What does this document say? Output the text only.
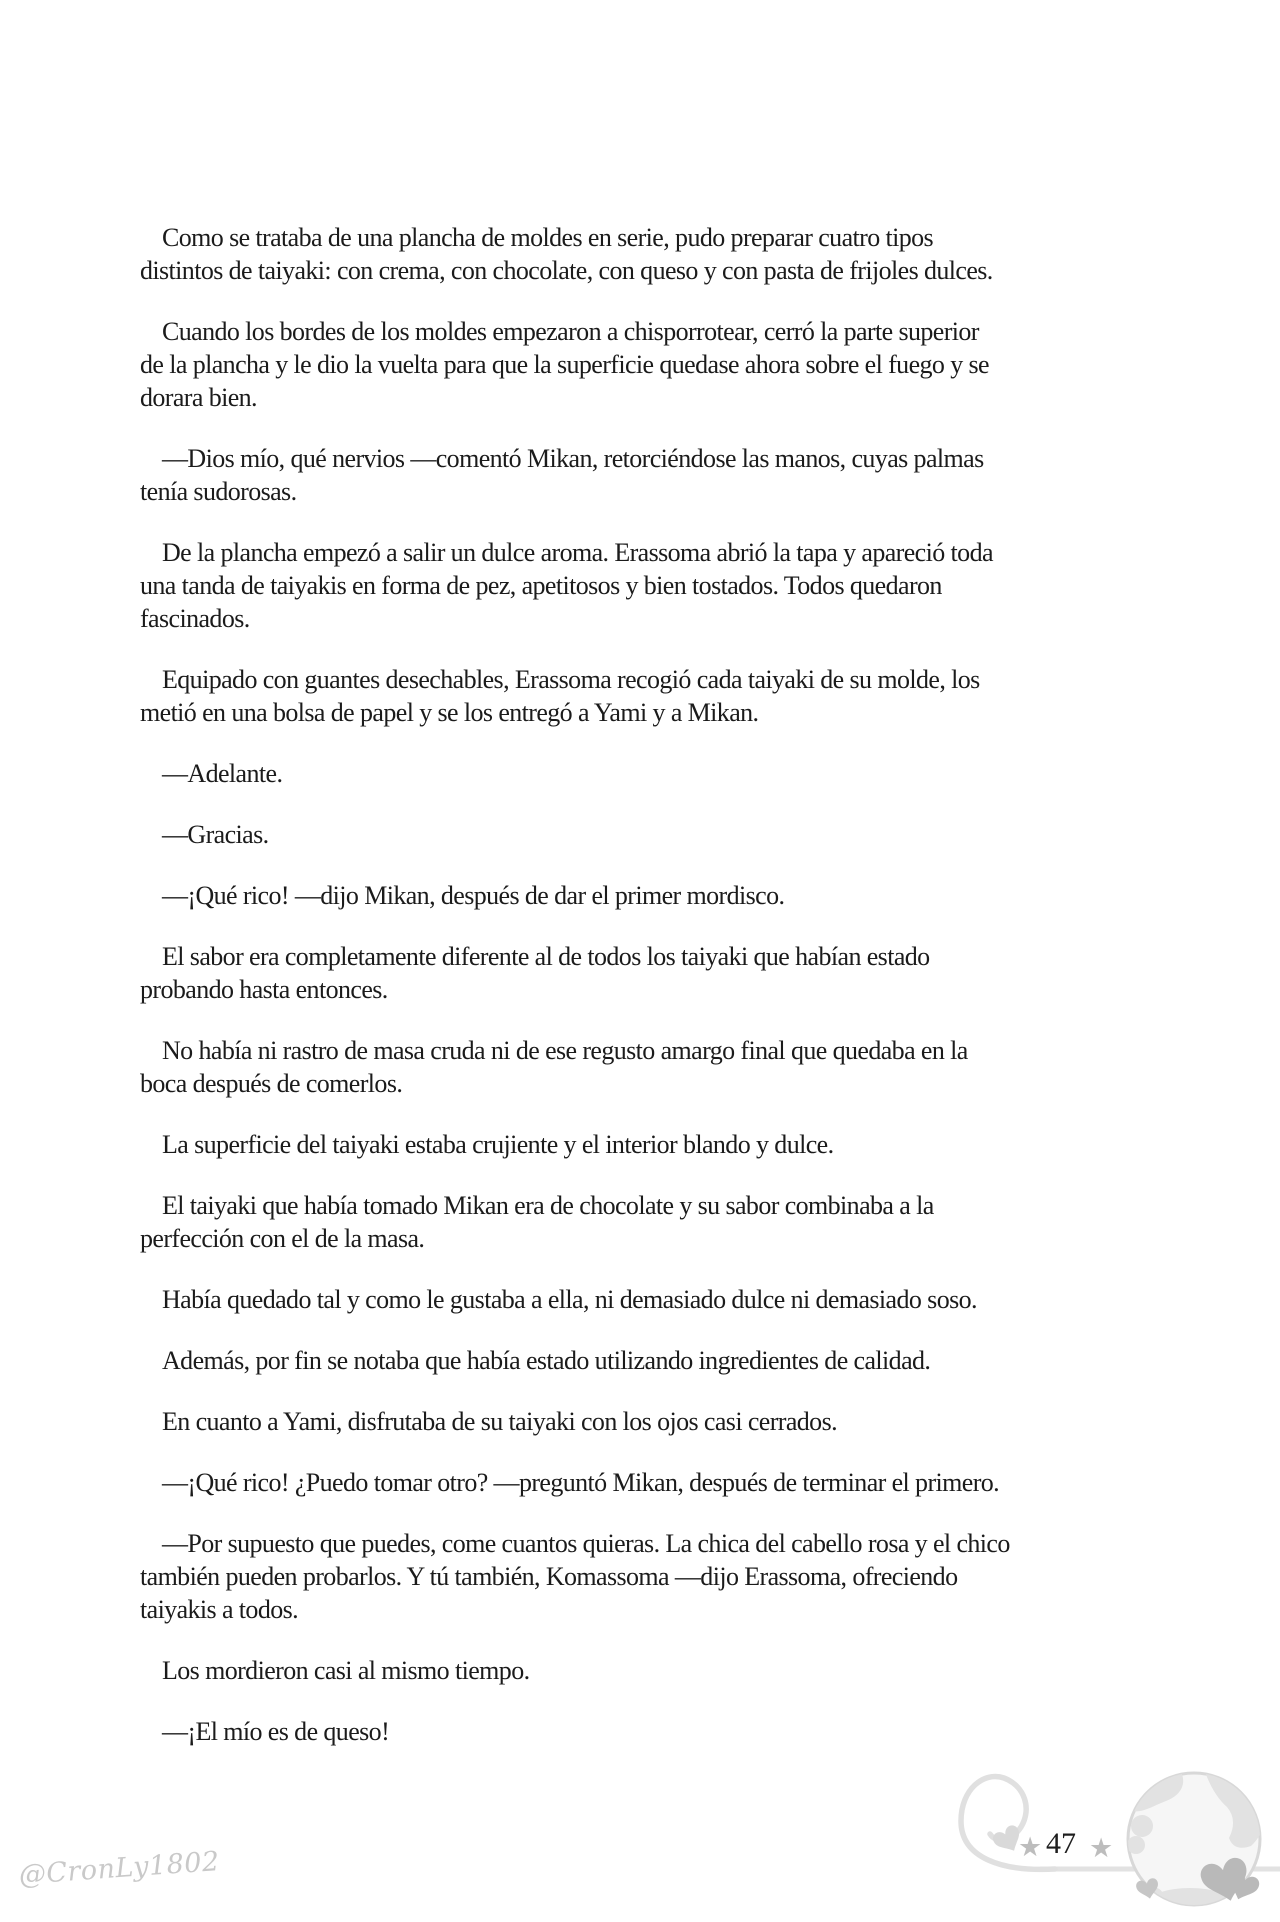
Como se trataba de una plancha de moldes en serie, pudo preparar cuatro tipos
distintos de taiyaki: con crema, con chocolate, con queso y con pasta de frijoles dulces.

Cuando los bordes de los moldes empezaron a chisporrotear, cerró la parte superior
de la plancha y le dio la vuelta para que la superficie quedase ahora sobre el fuego y se
dorara bien.

—Dios mío, qué nervios —comentó Mikan, retorciéndose las manos, cuyas palmas
tenía sudorosas.

De la plancha empezó a salir un dulce aroma. Erassoma abrió la tapa y apareció toda
una tanda de taiyakis en forma de pez, apetitosos y bien tostados. Todos quedaron
fascinados.

Equipado con guantes desechables, Erassoma recogió cada taiyaki de su molde, los
metió en una bolsa de papel y se los entregó a Yami y a Mikan.

—Adelante.

—Gracias.

—¡Qué rico! —dijo Mikan, después de dar el primer mordisco.

El sabor era completamente diferente al de todos los taiyaki que habían estado
probando hasta entonces.

No había ni rastro de masa cruda ni de ese regusto amargo final que quedaba en la
boca después de comerlos.

La superficie del taiyaki estaba crujiente y el interior blando y dulce.

El taiyaki que había tomado Mikan era de chocolate y su sabor combinaba a la
perfección con el de la masa.

Había quedado tal y como le gustaba a ella, ni demasiado dulce ni demasiado soso.

Además, por fin se notaba que había estado utilizando ingredientes de calidad.

En cuanto a Yami, disfrutaba de su taiyaki con los ojos casi cerrados.

—¡Qué rico! ¿Puedo tomar otro? —preguntó Mikan, después de terminar el primero.

—Por supuesto que puedes, come cuantos quieras. La chica del cabello rosa y el chico
también pueden probarlos. Y tú también, Komassoma —dijo Erassoma, ofreciendo
taiyakis a todos.

Los mordieron casi al mismo tiempo.

—¡El mío es de queso!

★ 47 ★
@CronLy1802
